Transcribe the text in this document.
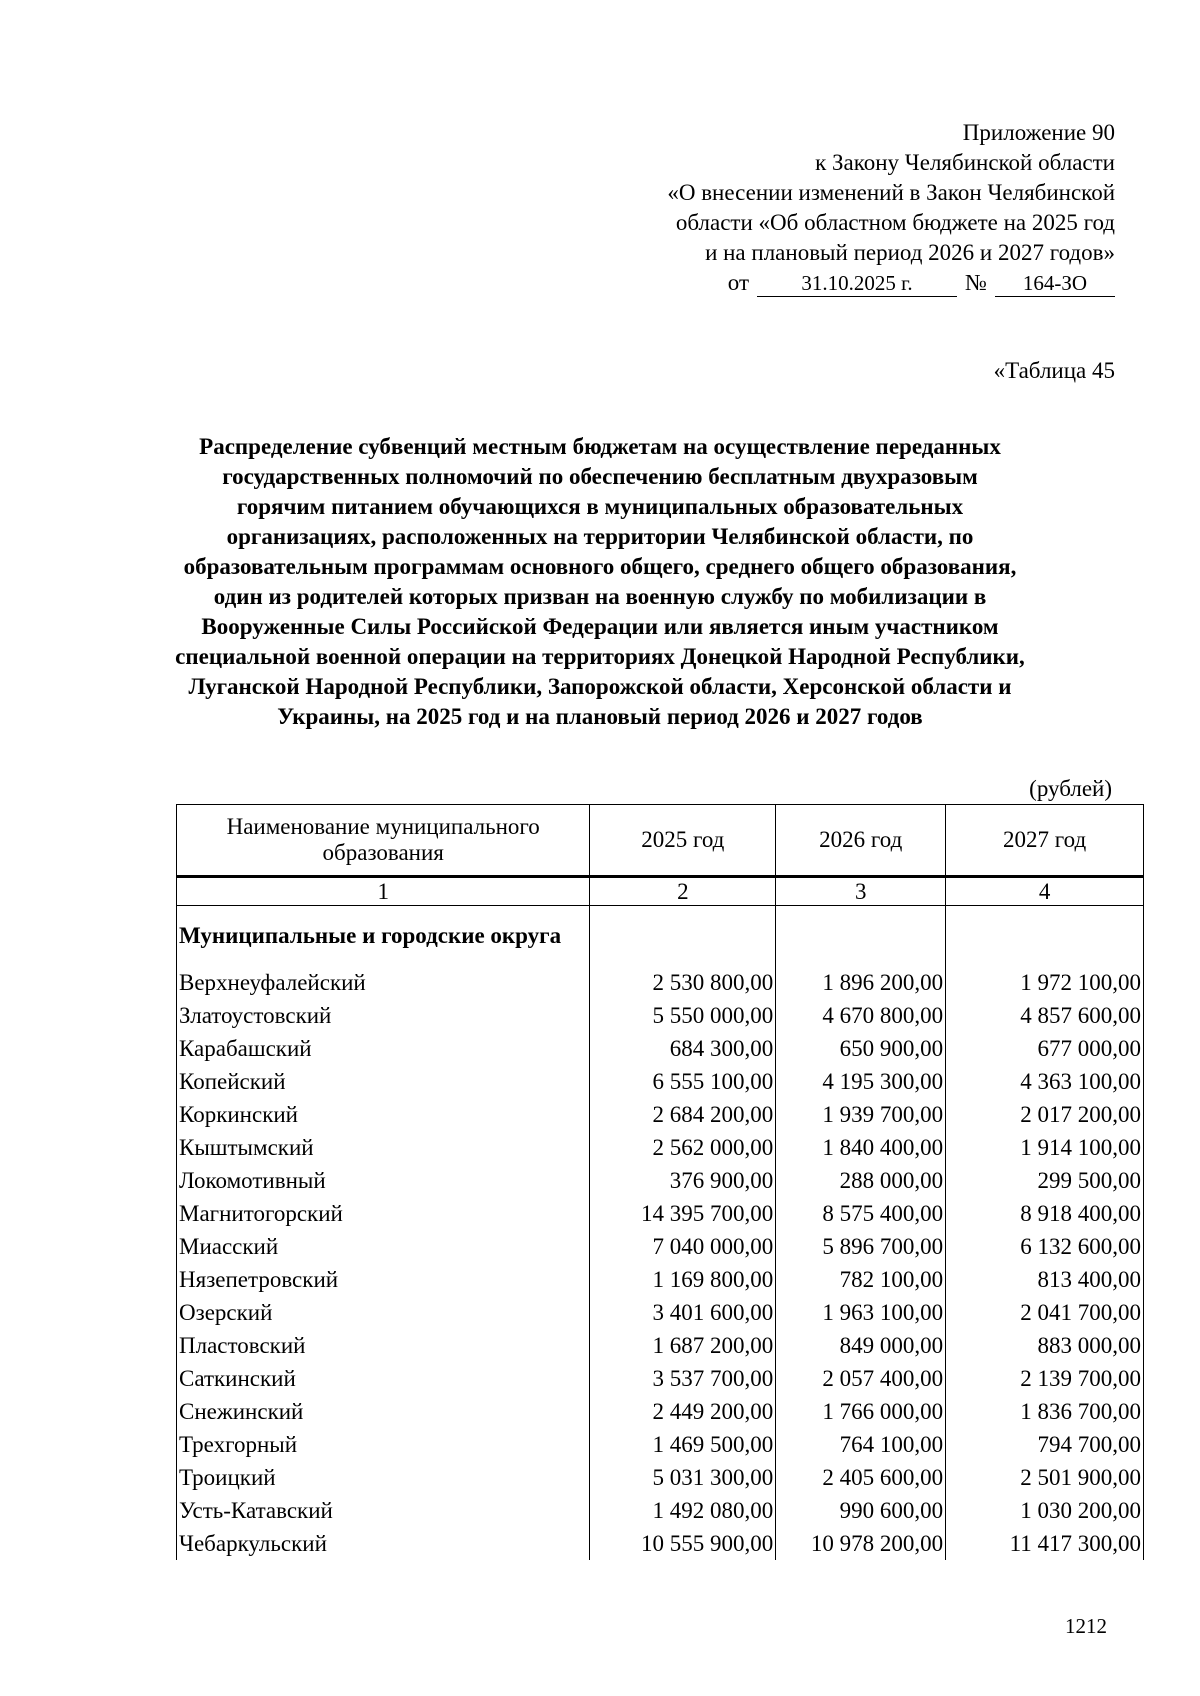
Приложение 90
к Закону Челябинской области
«О внесении изменений в Закон Челябинской
области «Об областном бюджете на 2025 год
и на плановый период 2026 и 2027 годов»
от	31.10.2025 г.	№	164-ЗО
«Таблица 45
Распределение субвенций местным бюджетам на осуществление переданных
государственных полномочий по обеспечению бесплатным двухразовым
горячим питанием обучающихся в муниципальных образовательных
организациях, расположенных на территории Челябинской области, по
образовательным программам основного общего, среднего общего образования,
один из родителей которых призван на военную службу по мобилизации в
Вооруженные Силы Российской Федерации или является иным участником
специальной военной операции на территориях Донецкой Народной Республики,
Луганской Народной Республики, Запорожской области, Херсонской области и
Украины, на 2025 год и на плановый период 2026 и 2027 годов
(рублей)
Наименование муниципального образования	2025 год	2026 год	2027 год
1	2	3	4
Муниципальные и городские округа			
Верхнеуфалейский	2 530 800,00	1 896 200,00	1 972 100,00
Златоустовский	5 550 000,00	4 670 800,00	4 857 600,00
Карабашский	684 300,00	650 900,00	677 000,00
Копейский	6 555 100,00	4 195 300,00	4 363 100,00
Коркинский	2 684 200,00	1 939 700,00	2 017 200,00
Кыштымский	2 562 000,00	1 840 400,00	1 914 100,00
Локомотивный	376 900,00	288 000,00	299 500,00
Магнитогорский	14 395 700,00	8 575 400,00	8 918 400,00
Миасский	7 040 000,00	5 896 700,00	6 132 600,00
Нязепетровский	1 169 800,00	782 100,00	813 400,00
Озерский	3 401 600,00	1 963 100,00	2 041 700,00
Пластовский	1 687 200,00	849 000,00	883 000,00
Саткинский	3 537 700,00	2 057 400,00	2 139 700,00
Снежинский	2 449 200,00	1 766 000,00	1 836 700,00
Трехгорный	1 469 500,00	764 100,00	794 700,00
Троицкий	5 031 300,00	2 405 600,00	2 501 900,00
Усть-Катавский	1 492 080,00	990 600,00	1 030 200,00
Чебаркульский	10 555 900,00	10 978 200,00	11 417 300,00
1212
